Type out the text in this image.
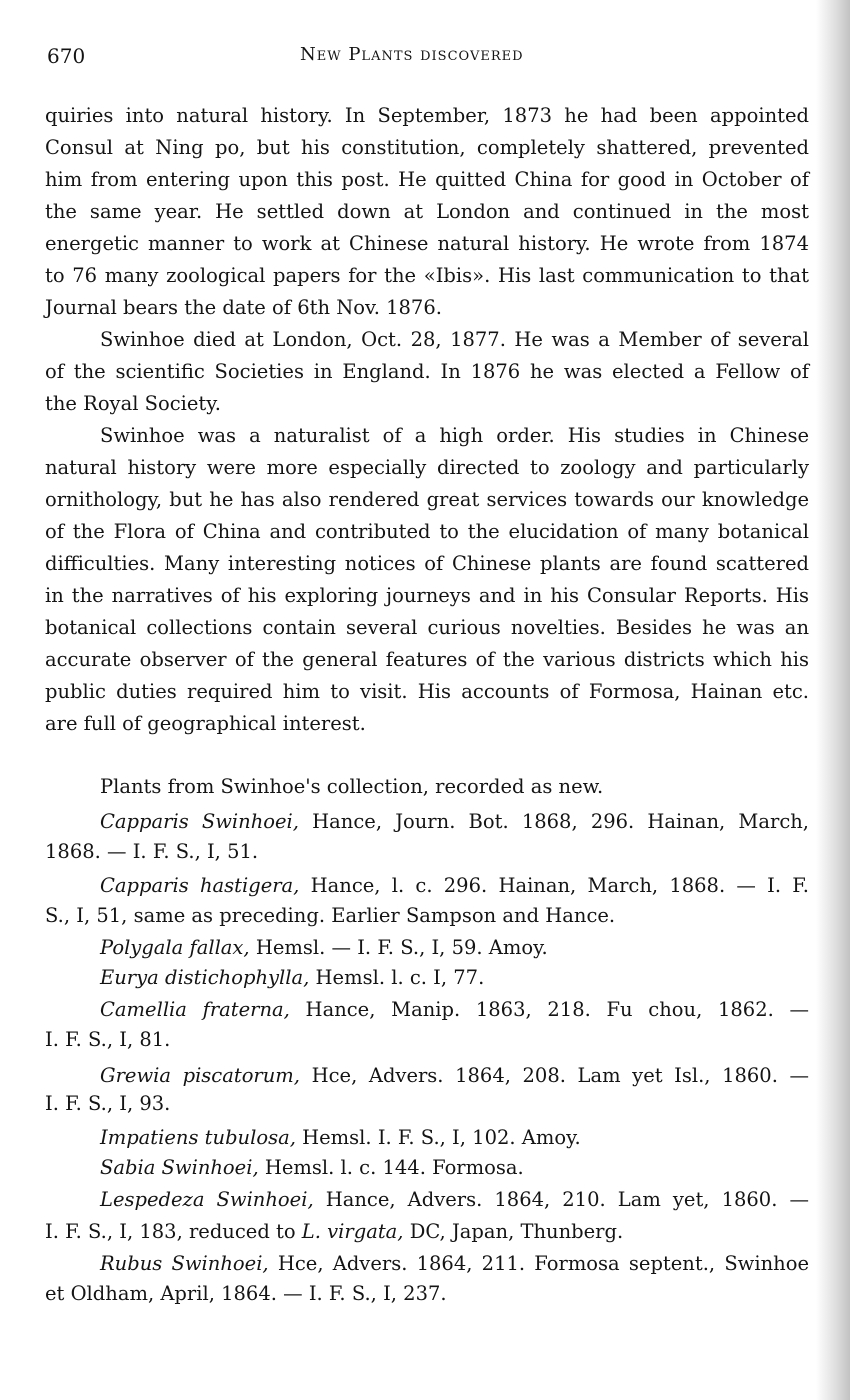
670	New Plants discovered
quiries into natural history. In September, 1873 he had been appointed
Consul at Ning po, but his constitution, completely shattered, prevented
him from entering upon this post. He quitted China for good in October of
the same year. He settled down at London and continued in the most
energetic manner to work at Chinese natural history. He wrote from 1874
to 76 many zoological papers for the «Ibis». His last communication to that
Journal bears the date of 6th Nov. 1876.
Swinhoe died at London, Oct. 28, 1877. He was a Member of several
of the scientific Societies in England. In 1876 he was elected a Fellow of
the Royal Society.
Swinhoe was a naturalist of a high order. His studies in Chinese
natural history were more especially directed to zoology and particularly
ornithology, but he has also rendered great services towards our knowledge
of the Flora of China and contributed to the elucidation of many botanical
difficulties. Many interesting notices of Chinese plants are found scattered
in the narratives of his exploring journeys and in his Consular Reports. His
botanical collections contain several curious novelties. Besides he was an
accurate observer of the general features of the various districts which his
public duties required him to visit. His accounts of Formosa, Hainan etc.
are full of geographical interest.
Plants from Swinhoe's collection, recorded as new.
Capparis Swinhoei, Hance, Journ. Bot. 1868, 296. Hainan, March,
1868. — I. F. S., I, 51.
Capparis hastigera, Hance, l. c. 296. Hainan, March, 1868. — I. F.
S., I, 51, same as preceding. Earlier Sampson and Hance.
Polygala fallax, Hemsl. — I. F. S., I, 59. Amoy.
Eurya distichophylla, Hemsl. l. c. I, 77.
Camellia fraterna, Hance, Manip. 1863, 218. Fu chou, 1862. —
I. F. S., I, 81.
Grewia piscatorum, Hce, Advers. 1864, 208. Lam yet Isl., 1860. —
I. F. S., I, 93.
Impatiens tubulosa, Hemsl. I. F. S., I, 102. Amoy.
Sabia Swinhoei, Hemsl. l. c. 144. Formosa.
Lespedeza Swinhoei, Hance, Advers. 1864, 210. Lam yet, 1860. —
I. F. S., I, 183, reduced to L. virgata, DC, Japan, Thunberg.
Rubus Swinhoei, Hce, Advers. 1864, 211. Formosa septent., Swinhoe
et Oldham, April, 1864. — I. F. S., I, 237.
